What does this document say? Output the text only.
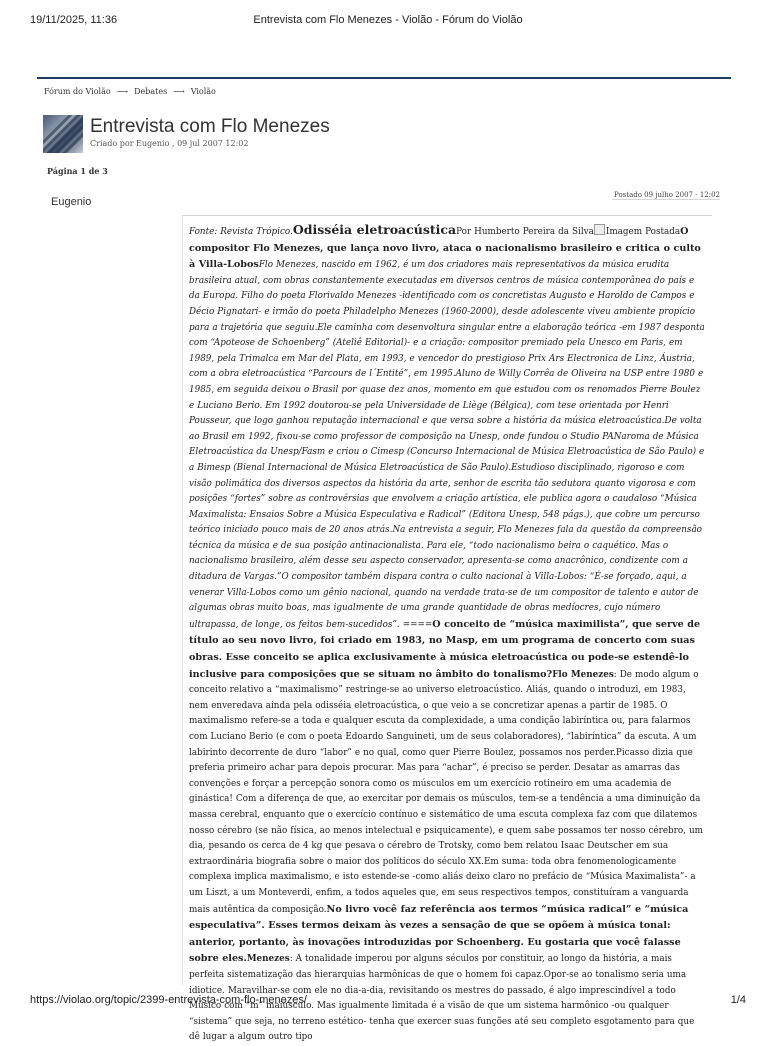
19/11/2025, 11:36	Entrevista com Flo Menezes - Violão - Fórum do Violão
Fórum do Violão ⟶ Debates ⟶ Violão
Entrevista com Flo Menezes
Criado por Eugenio , 09 jul 2007 12:02
Página 1 de 3
Eugenio
Postado 09 julho 2007 - 12:02
Fonte: Revista Trópico.Odisséia eletroacústicaPor Humberto Pereira da Silva Imagem PostadaO compositor Flo Menezes, que lança novo livro, ataca o nacionalismo brasileiro e critica o culto à Villa-LobosFlo Menezes, nascido em 1962, é um dos criadores mais representativos da música erudita brasileira atual, com obras constantemente executadas em diversos centros de música contemporânea do país e da Europa. Filho do poeta Florivaldo Menezes -identificado com os concretistas Augusto e Haroldo de Campos e Décio Pignatari- e irmão do poeta Philadelpho Menezes (1960-2000), desde adolescente viveu ambiente propício para a trajetória que seguiu.Ele caminha com desenvoltura singular entre a elaboração teórica -em 1987 desponta com “Apoteose de Schoenberg” (Ateliê Editorial)- e a criação: compositor premiado pela Unesco em Paris, em 1989, pela Trimalca em Mar del Plata, em 1993, e vencedor do prestigioso Prix Ars Electronica de Linz, Áustria, com a obra eletroacústica “Parcours de l´Entité”, em 1995.Aluno de Willy Corrêa de Oliveira na USP entre 1980 e 1985, em seguida deixou o Brasil por quase dez anos, momento em que estudou com os renomados Pierre Boulez e Luciano Berio. Em 1992 doutorou-se pela Universidade de Liège (Bélgica), com tese orientada por Henri Pousseur, que logo ganhou reputação internacional e que versa sobre a história da música eletroacústica.De volta ao Brasil em 1992, fixou-se como professor de composição na Unesp, onde fundou o Studio PANaroma de Música Eletroacústica da Unesp/Fasm e criou o Cimesp (Concurso Internacional de Música Eletroacústica de São Paulo) e a Bimesp (Bienal Internacional de Música Eletroacústica de São Paulo).Estudioso disciplinado, rigoroso e com visão polimática dos diversos aspectos da história da arte, senhor de escrita tão sedutora quanto vigorosa e com posições “fortes” sobre as controvérsias que envolvem a criação artística, ele publica agora o caudaloso “Música Maximalista: Ensaios Sobre a Música Especulativa e Radical” (Editora Unesp, 548 págs.), que cobre um percurso teórico iniciado pouco mais de 20 anos atrás.Na entrevista a seguir, Flo Menezes fala da questão da compreensão técnica da música e de sua posição antinacionalista. Para ele, “todo nacionalismo beira o caquético. Mas o nacionalismo brasileiro, além desse seu aspecto conservador, apresenta-se como anacrônico, condizente com a ditadura de Vargas.”O compositor também dispara contra o culto nacional à Villa-Lobos: “É-se forçado, aqui, a venerar Villa-Lobos como um gênio nacional, quando na verdade trata-se de um compositor de talento e autor de algumas obras muito boas, mas igualmente de uma grande quantidade de obras medíocres, cujo número ultrapassa, de longe, os feitos bem-sucedidos”. ====O conceito de “música maximilista”, que serve de título ao seu novo livro, foi criado em 1983, no Masp, em um programa de concerto com suas obras. Esse conceito se aplica exclusivamente à música eletroacústica ou pode-se estendê-lo inclusive para composições que se situam no âmbito do tonalismo?Flo Menezes: De modo algum o conceito relativo a “maximalismo” restringe-se ao universo eletroacústico. Aliás, quando o introduzi, em 1983, nem enveredava ainda pela odisséia eletroacústica, o que veio a se concretizar apenas a partir de 1985. O maximalismo refere-se a toda e qualquer escuta da complexidade, a uma condição labiríntica ou, para falarmos com Luciano Berio (e com o poeta Edoardo Sanguineti, um de seus colaboradores), “labiríntica” da escuta. A um labirinto decorrente de duro “labor” e no qual, como quer Pierre Boulez, possamos nos perder.Picasso dizia que preferia primeiro achar para depois procurar. Mas para “achar”, é preciso se perder. Desatar as amarras das convenções e forçar a percepção sonora como os músculos em um exercício rotineiro em uma academia de ginástica! Com a diferença de que, ao exercitar por demais os músculos, tem-se a tendência a uma diminuição da massa cerebral, enquanto que o exercício contínuo e sistemático de uma escuta complexa faz com que dilatemos nosso cérebro (se não física, ao menos intelectual e psiquicamente), e quem sabe possamos ter nosso cérebro, um dia, pesando os cerca de 4 kg que pesava o cérebro de Trotsky, como bem relatou Isaac Deutscher em sua extraordinária biografia sobre o maior dos políticos do século XX.Em suma: toda obra fenomenologicamente complexa implica maximalismo, e isto estende-se -como aliás deixo claro no prefácio de “Música Maximalista”- a um Liszt, a um Monteverdi, enfim, a todos aqueles que, em seus respectivos tempos, constituíram a vanguarda mais autêntica da composição.No livro você faz referência aos termos “música radical” e “música especulativa”. Esses termos deixam às vezes a sensação de que se opõem à música tonal: anterior, portanto, às inovações introduzidas por Schoenberg. Eu gostaria que você falasse sobre eles.Menezes: A tonalidade imperou por alguns séculos por constituir, ao longo da história, a mais perfeita sistematização das hierarquias harmônicas de que o homem foi capaz.Opor-se ao tonalismo seria uma idiotice. Maravilhar-se com ele no dia-a-dia, revisitando os mestres do passado, é algo imprescindível a todo Músico com “m” maiúsculo. Mas igualmente limitada é a visão de que um sistema harmônico -ou qualquer “sistema” que seja, no terreno estético- tenha que exercer suas funções até seu completo esgotamento para que dê lugar a algum outro tipo
https://violao.org/topic/2399-entrevista-com-flo-menezes/	1/4
